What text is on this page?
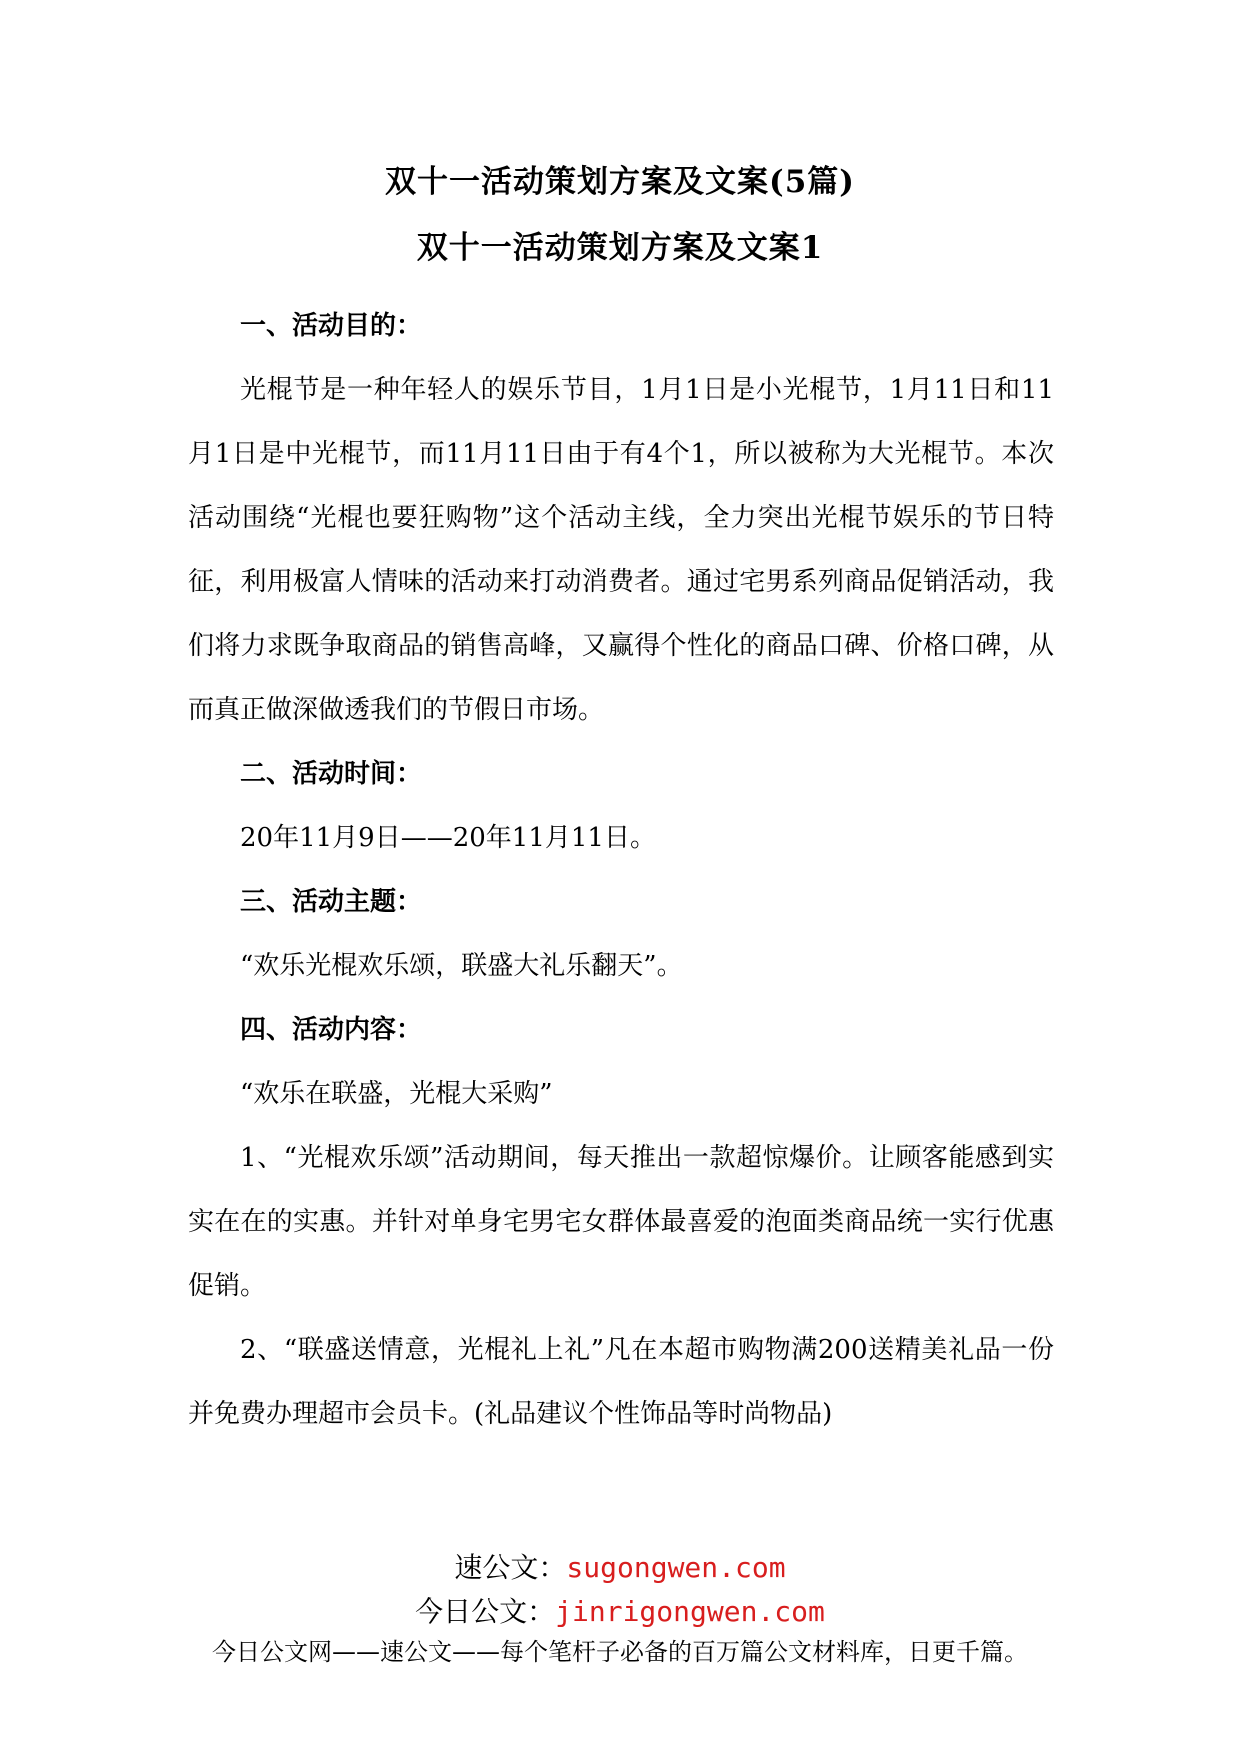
双十一活动策划方案及文案(5篇)
双十一活动策划方案及文案1
一、活动目的：
光棍节是一种年轻人的娱乐节目，1月1日是小光棍节，1月11日和11月1日是中光棍节，而11月11日由于有4个1，所以被称为大光棍节。本次活动围绕“光棍也要狂购物”这个活动主线，全力突出光棍节娱乐的节日特征，利用极富人情味的活动来打动消费者。通过宅男系列商品促销活动，我们将力求既争取商品的销售高峰，又赢得个性化的商品口碑、价格口碑，从而真正做深做透我们的节假日市场。
二、活动时间：
20年11月9日——20年11月11日。
三、活动主题：
“欢乐光棍欢乐颂，联盛大礼乐翻天”。
四、活动内容：
“欢乐在联盛，光棍大采购”
1、“光棍欢乐颂”活动期间，每天推出一款超惊爆价。让顾客能感到实实在在的实惠。并针对单身宅男宅女群体最喜爱的泡面类商品统一实行优惠促销。
2、“联盛送情意，光棍礼上礼”凡在本超市购物满200送精美礼品一份并免费办理超市会员卡。(礼品建议个性饰品等时尚物品)
速公文：sugongwen.com
今日公文：jinrigongwen.com
今日公文网——速公文——每个笔杆子必备的百万篇公文材料库，日更千篇。
